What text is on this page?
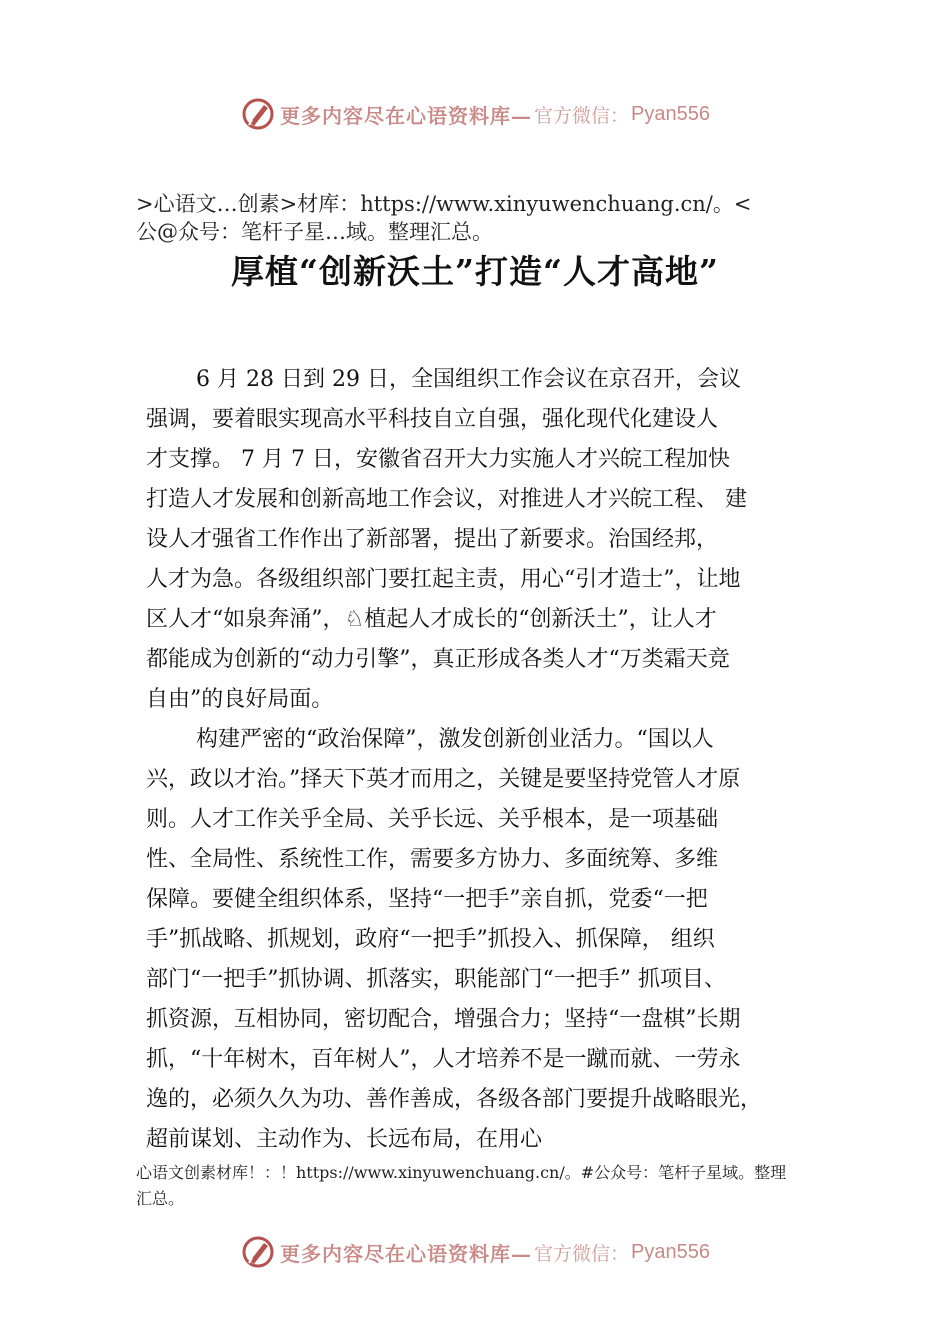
更多内容尽在心语资料库— 官方微信： Pyan556
>心语文…创素>材库：https://www.xinyuwenchuang.cn/。<
公@众号：笔杆子星…域。整理汇总。
厚植“创新沃土”打造“人才高地”
6 月 28 日到 29 日，全国组织工作会议在京召开，会议
强调，要着眼实现高水平科技自立自强，强化现代化建设人
才支撑。 7 月 7 日，安徽省召开大力实施人才兴皖工程加快
打造人才发展和创新高地工作会议，对推进人才兴皖工程、 建
设人才强省工作作出了新部署，提出了新要求。治国经邦，
人才为急。各级组织部门要扛起主责，用心“引才造士”，让地
区人才“如泉奔涌”，♘植起人才成长的“创新沃土”，让人才
都能成为创新的“动力引擎”，真正形成各类人才“万类霜天竞
自由”的良好局面。
构建严密的“政治保障”，激发创新创业活力。“国以人
兴，政以才治。”择天下英才而用之，关键是要坚持党管人才原
则。人才工作关乎全局、关乎长远、关乎根本，是一项基础
性、全局性、系统性工作，需要多方协力、多面统筹、多维
保障。要健全组织体系，坚持“一把手”亲自抓，党委“一把
手”抓战略、抓规划，政府“一把手”抓投入、抓保障， 组织
部门“一把手”抓协调、抓落实，职能部门“一把手” 抓项目、
抓资源，互相协同，密切配合，增强合力；坚持“一盘棋”长期
抓，“十年树木，百年树人”，人才培养不是一蹴而就、一劳永
逸的，必须久久为功、善作善成，各级各部门要提升战略眼光，
超前谋划、主动作为、长远布局，在用心
心语文创素材库！：！https://www.xinyuwenchuang.cn/。#公众号：笔杆子星域。整理
汇总。
更多内容尽在心语资料库— 官方微信： Pyan556
